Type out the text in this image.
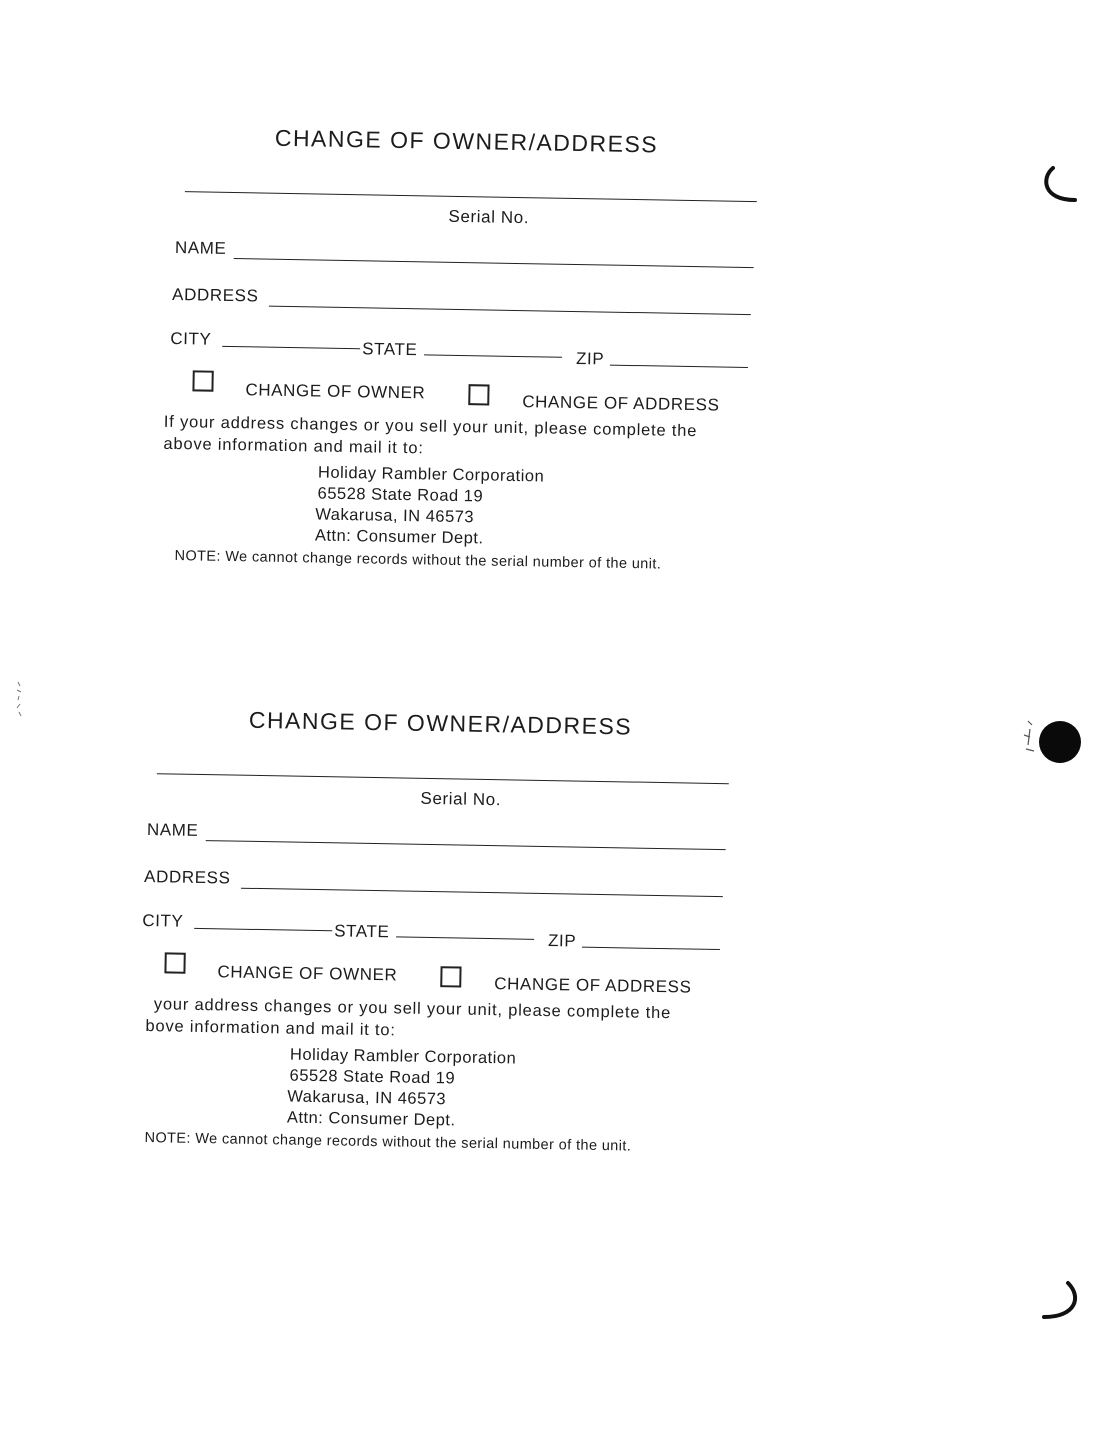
CHANGE OF OWNER/ADDRESS
Serial No.
NAME
ADDRESS
CITY
STATE	ZIP
CHANGE OF OWNER
CHANGE OF ADDRESS
If your address changes or you sell your unit, please complete the
above information and mail it to:
Holiday Rambler Corporation
65528 State Road 19
Wakarusa, IN 46573
Attn: Consumer Dept.
NOTE: We cannot change records without the serial number of the unit.
CHANGE OF OWNER/ADDRESS
Serial No.
NAME
ADDRESS
CITY
STATE	ZIP
CHANGE OF OWNER
CHANGE OF ADDRESS
your address changes or you sell your unit, please complete the
bove information and mail it to:
Holiday Rambler Corporation
65528 State Road 19
Wakarusa, IN 46573
Attn: Consumer Dept.
NOTE: We cannot change records without the serial number of the unit.
